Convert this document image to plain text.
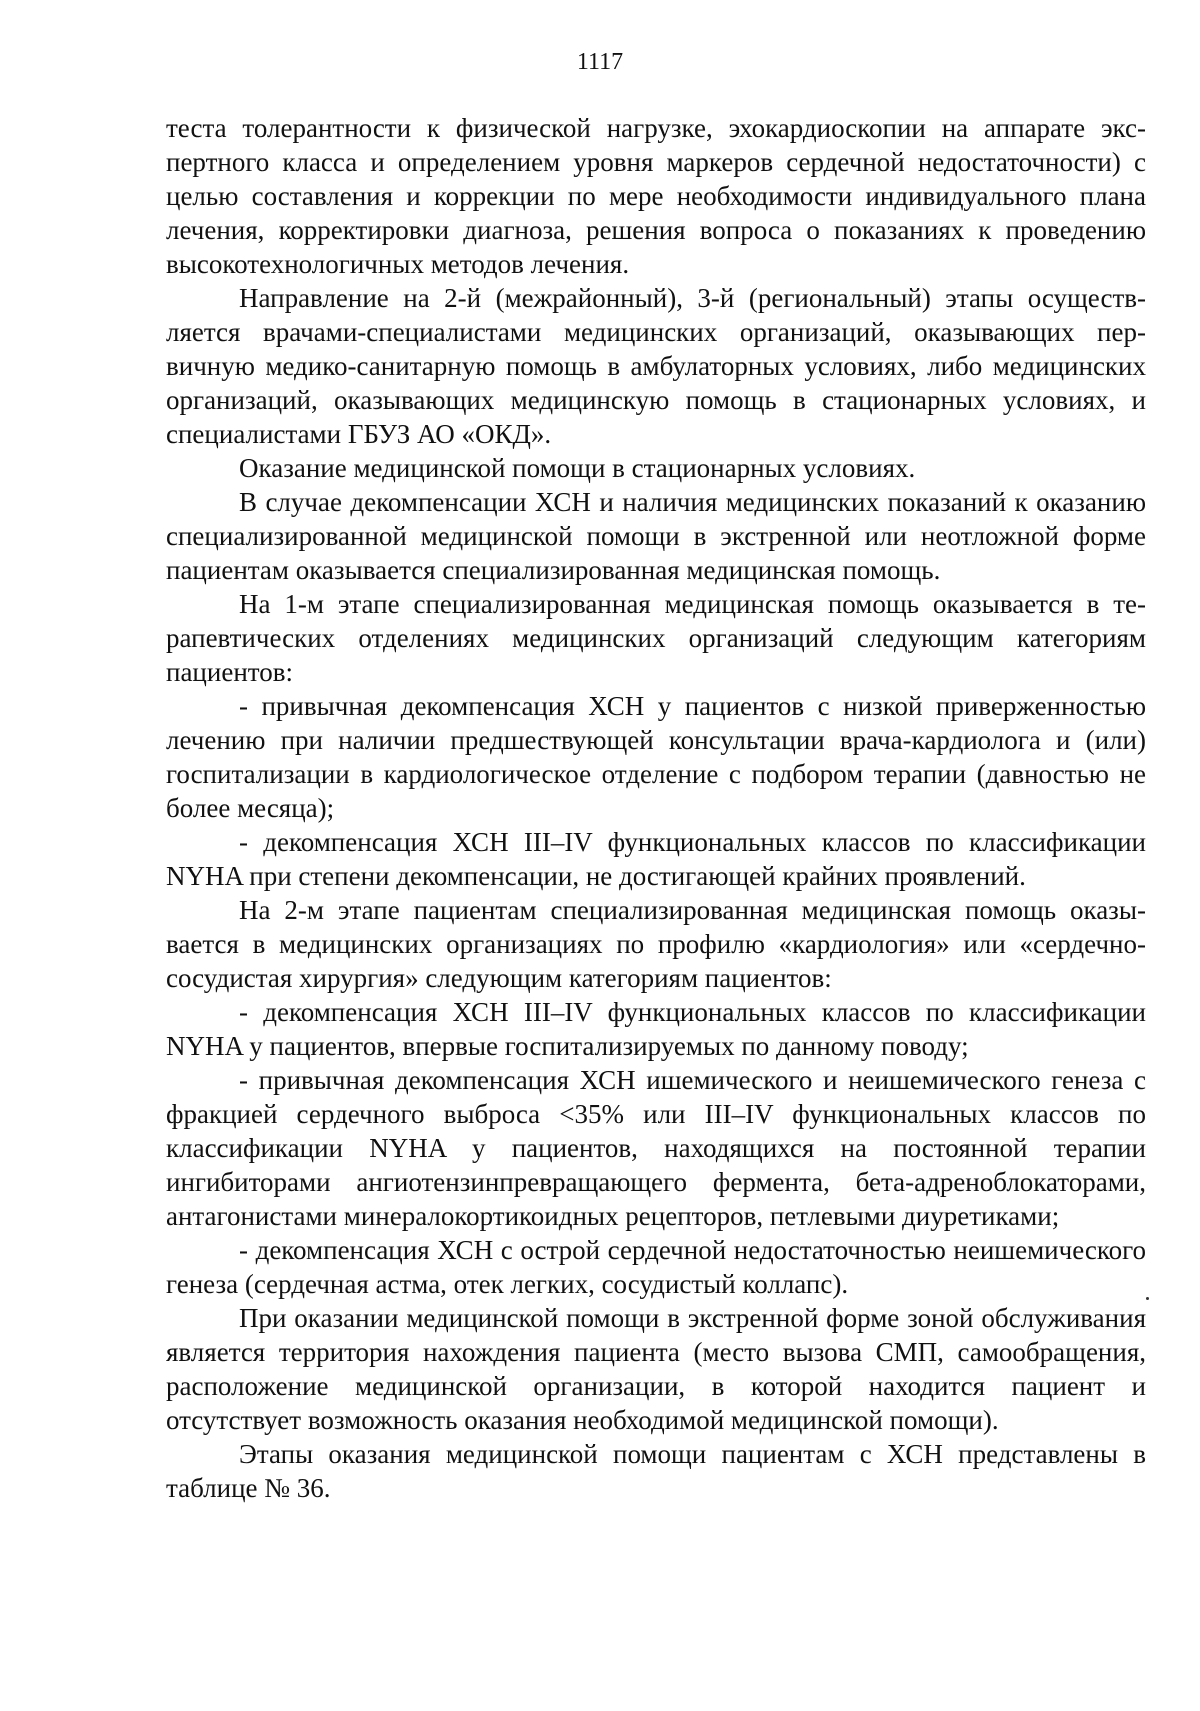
1117

теста толерантности к физической нагрузке, эхокардиоскопии на аппарате экспертного класса и определением уровня маркеров сердечной недостаточности) с целью составления и коррекции по мере необходимости индивидуального плана лечения, корректировки диагноза, решения вопроса о показаниях к проведению высокотехнологичных методов лечения.

Направление на 2-й (межрайонный), 3-й (региональный) этапы осуществляется врачами-специалистами медицинских организаций, оказывающих первичную медико-санитарную помощь в амбулаторных условиях, либо медицинских организаций, оказывающих медицинскую помощь в стационарных условиях, и специалистами ГБУЗ АО «ОКД».

Оказание медицинской помощи в стационарных условиях.

В случае декомпенсации ХСН и наличия медицинских показаний к оказанию специализированной медицинской помощи в экстренной или неотложной форме пациентам оказывается специализированная медицинская помощь.

На 1-м этапе специализированная медицинская помощь оказывается в терапевтических отделениях медицинских организаций следующим категориям пациентов:

- привычная декомпенсация ХСН у пациентов с низкой приверженностью лечению при наличии предшествующей консультации врача-кардиолога и (или) госпитализации в кардиологическое отделение с подбором терапии (давностью не более месяца);

- декомпенсация ХСН III–IV функциональных классов по классификации NYHA при степени декомпенсации, не достигающей крайних проявлений.

На 2-м этапе пациентам специализированная медицинская помощь оказывается в медицинских организациях по профилю «кардиология» или «сердечно-сосудистая хирургия» следующим категориям пациентов:

- декомпенсация ХСН III–IV функциональных классов по классификации NYHA у пациентов, впервые госпитализируемых по данному поводу;

- привычная декомпенсация ХСН ишемического и неишемического генеза с фракцией сердечного выброса <35% или III–IV функциональных классов по классификации NYHA у пациентов, находящихся на постоянной терапии ингибиторами ангиотензинпревращающего фермента, бета-адреноблокаторами, антагонистами минералокортикоидных рецепторов, петлевыми диуретиками;

- декомпенсация ХСН с острой сердечной недостаточностью неишемического генеза (сердечная астма, отек легких, сосудистый коллапс).

При оказании медицинской помощи в экстренной форме зоной обслуживания является территория нахождения пациента (место вызова СМП, самообращения, расположение медицинской организации, в которой находится пациент и отсутствует возможность оказания необходимой медицинской помощи).

Этапы оказания медицинской помощи пациентам с ХСН представлены в таблице № 36.
